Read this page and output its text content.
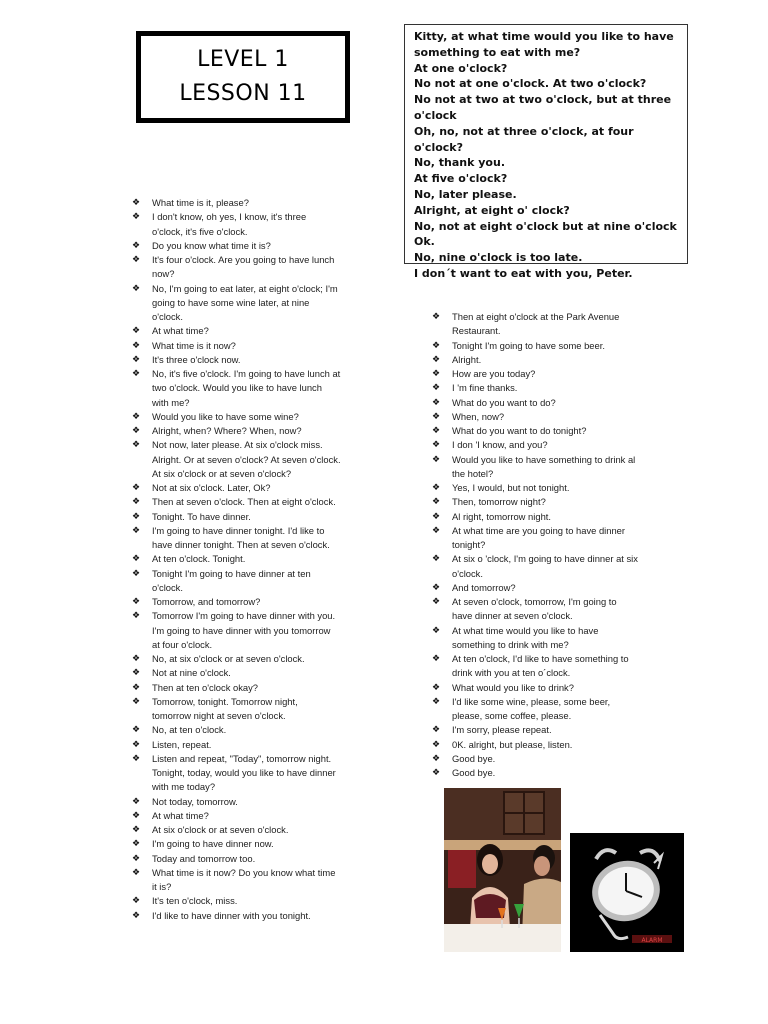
LEVEL 1
LESSON 11
Kitty, at what time would you like to have
something to eat with me?
At one o'clock?
No not at one o'clock. At two o'clock?
No not at two at two o'clock, but at three
o'clock
Oh, no, not at three o'clock, at four o'clock?
No, thank you.
At five o'clock?
No, later please.
Alright, at eight o' clock?
No, not at eight o'clock but at nine o'clock Ok.
No, nine o'clock is too late.
I don´t want to eat with you, Peter.
❖ What time is it, please?
❖ I don't know, oh yes, I know, it's three
o'clock, it's five o'clock.
❖ Do you know what time it is?
❖ It's four o'clock. Are you going to have lunch
now?
❖ No, I'm going to eat later, at eight o'clock; I'm
going to have some wine later, at nine
o'clock.
❖ At what time?
❖ What time is it now?
❖ It's three o'clock now.
❖ No, it's five o'clock. I'm going to have lunch at
two o'clock. Would you like to have lunch
with me?
❖ Would you like to have some wine?
❖ Alright, when? Where? When, now?
❖ Not now, later please. At six o'clock miss.
Alright. Or at seven o'clock? At seven o'clock.
At six o'clock or at seven o'clock?
❖ Not at six o'clock. Later, Ok?
❖ Then at seven o'clock. Then at eight o'clock.
❖ Tonight. To have dinner.
❖ I'm going to have dinner tonight. I'd like to
have dinner tonight. Then at seven o'clock.
❖ At ten o'clock. Tonight.
❖ Tonight I'm going to have dinner at ten
o'clock.
❖ Tomorrow, and tomorrow?
❖ Tomorrow I'm going to have dinner with you.
I'm going to have dinner with you tomorrow
at four o'clock.
❖ No, at six o'clock or at seven o'clock.
❖ Not at nine o'clock.
❖ Then at ten o'clock okay?
❖ Tomorrow, tonight. Tomorrow night,
tomorrow night at seven o'clock.
❖ No, at ten o'clock.
❖ Listen, repeat.
❖ Listen and repeat, "Today", tomorrow night.
Tonight, today, would you like to have dinner
with me today?
❖ Not today, tomorrow.
❖ At what time?
❖ At six o'clock or at seven o'clock.
❖ I'm going to have dinner now.
❖ Today and tomorrow too.
❖ What time is it now? Do you know what time
it is?
❖ It's ten o'clock, miss.
❖ I'd like to have dinner with you tonight.
❖ Then at eight o'clock at the Park Avenue
Restaurant.
❖ Tonight I'm going to have some beer.
❖ Alright.
❖ How are you today?
❖ I 'm fine thanks.
❖ What do you want to do?
❖ When, now?
❖ What do you want to do tonight?
❖ I don 'I know, and you?
❖ Would you like to have something to drink al
the hotel?
❖ Yes, I would, but not tonight.
❖ Then, tomorrow night?
❖ Al right, tomorrow night.
❖ At what time are you going to have dinner
tonight?
❖ At six o 'clock, I'm going to have dinner at six
o'clock.
❖ And tomorrow?
❖ At seven o'clock, tomorrow, I'm going to
have dinner at seven o'clock.
❖ At what time would you like to have
something to drink with me?
❖ At ten o'clock, I'd like to have something to
drink with you at ten o´clock.
❖ What would you like to drink?
❖ I'd like some wine, please, some beer,
please, some coffee, please.
❖ I'm sorry, please repeat.
❖ 0K. alright, but please, listen.
❖ Good bye.
❖ Good bye.
ALARM
